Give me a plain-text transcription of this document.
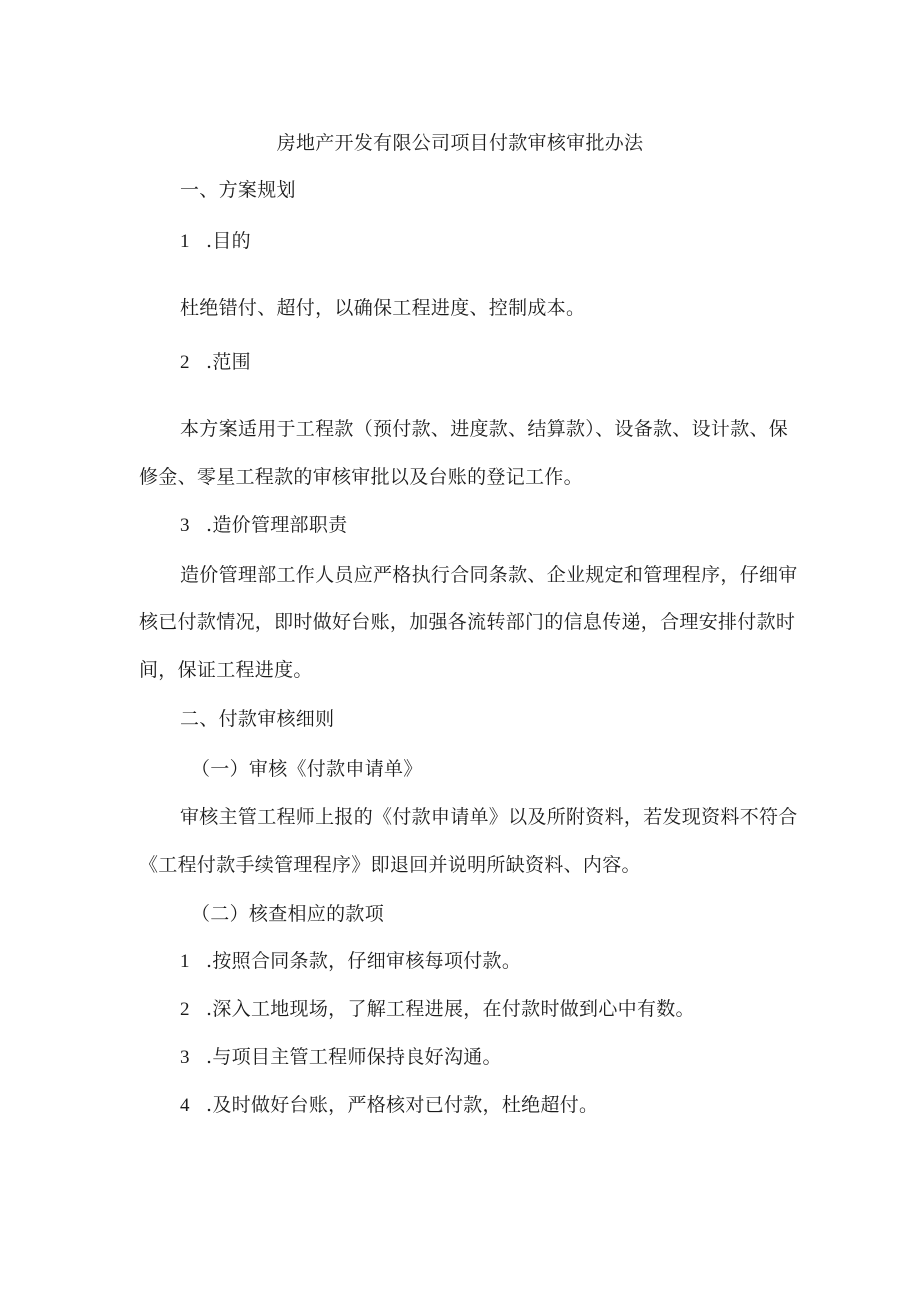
房地产开发有限公司项目付款审核审批办法
一、方案规划
1 .目的
杜绝错付、超付，以确保工程进度、控制成本。
2 .范围
本方案适用于工程款（预付款、进度款、结算款）、设备款、设计款、保
修金、零星工程款的审核审批以及台账的登记工作。
3 .造价管理部职责
造价管理部工作人员应严格执行合同条款、企业规定和管理程序，仔细审
核已付款情况，即时做好台账，加强各流转部门的信息传递，合理安排付款时
间，保证工程进度。
二、付款审核细则
（一）审核《付款申请单》
审核主管工程师上报的《付款申请单》以及所附资料，若发现资料不符合
《工程付款手续管理程序》即退回并说明所缺资料、内容。
（二）核查相应的款项
1 .按照合同条款，仔细审核每项付款。
2 .深入工地现场，了解工程进展，在付款时做到心中有数。
3 .与项目主管工程师保持良好沟通。
4 .及时做好台账，严格核对已付款，杜绝超付。
